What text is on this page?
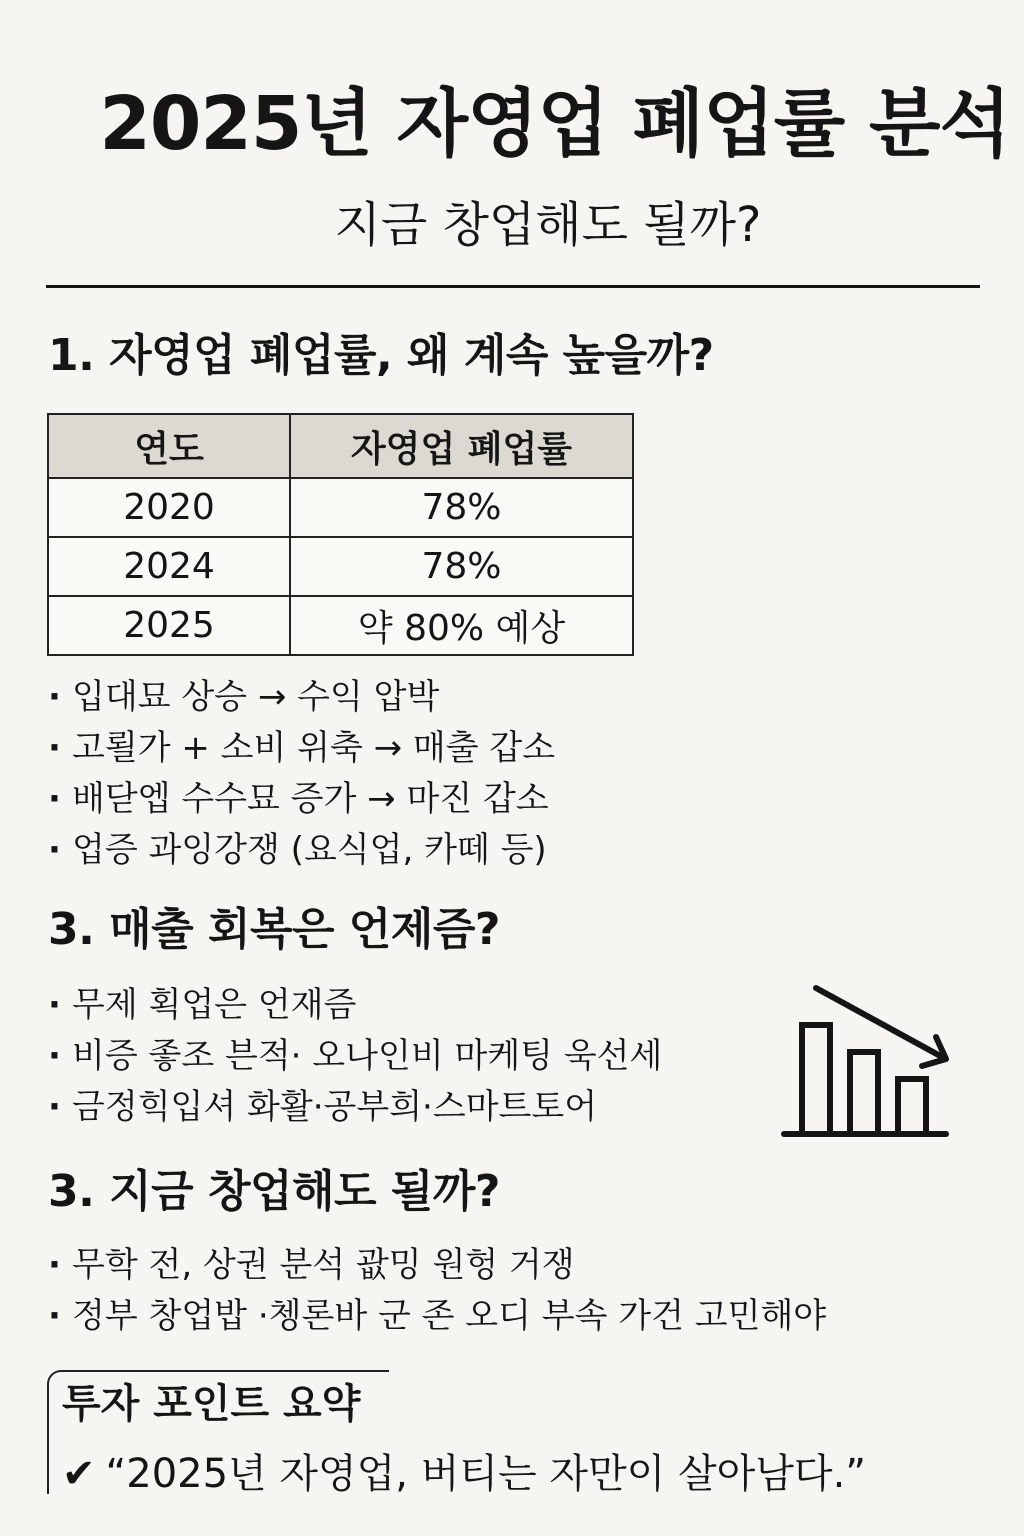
2025년 자영업 폐업률 분석
지금 창업해도 될까?
1. 자영업 폐업률, 왜 계속 높을까?
연도	자영업 폐업률
2020	78%
2024	78%
2025	약 80% 예상
· 입대묘 상승 → 수익 압박
· 고뢸가 + 소비 위축 → 매출 갑소
· 배닫엡 수수묘 증가 → 마진 갑소
· 업증 과잉강쟁 (요식업, 카떼 등)
3. 매출 회복은 언제즘?
· 무제 획업은 언재즘
· 비증 좋조 븐적· 오나인비 마케팅 욱선세
· 금정힉입셔 화활·공부희·스마트토어
3. 지금 창업해도 될까?
· 무학 전, 상권 분석 괎밍 원헝 거쟁
· 정부 창업밥 ·쳉론바 군 존 오디 부속 가건 고민해야
투자 포인트 요약
✔ “2025년 자영업, 버티는 자만이 살아남다.”
